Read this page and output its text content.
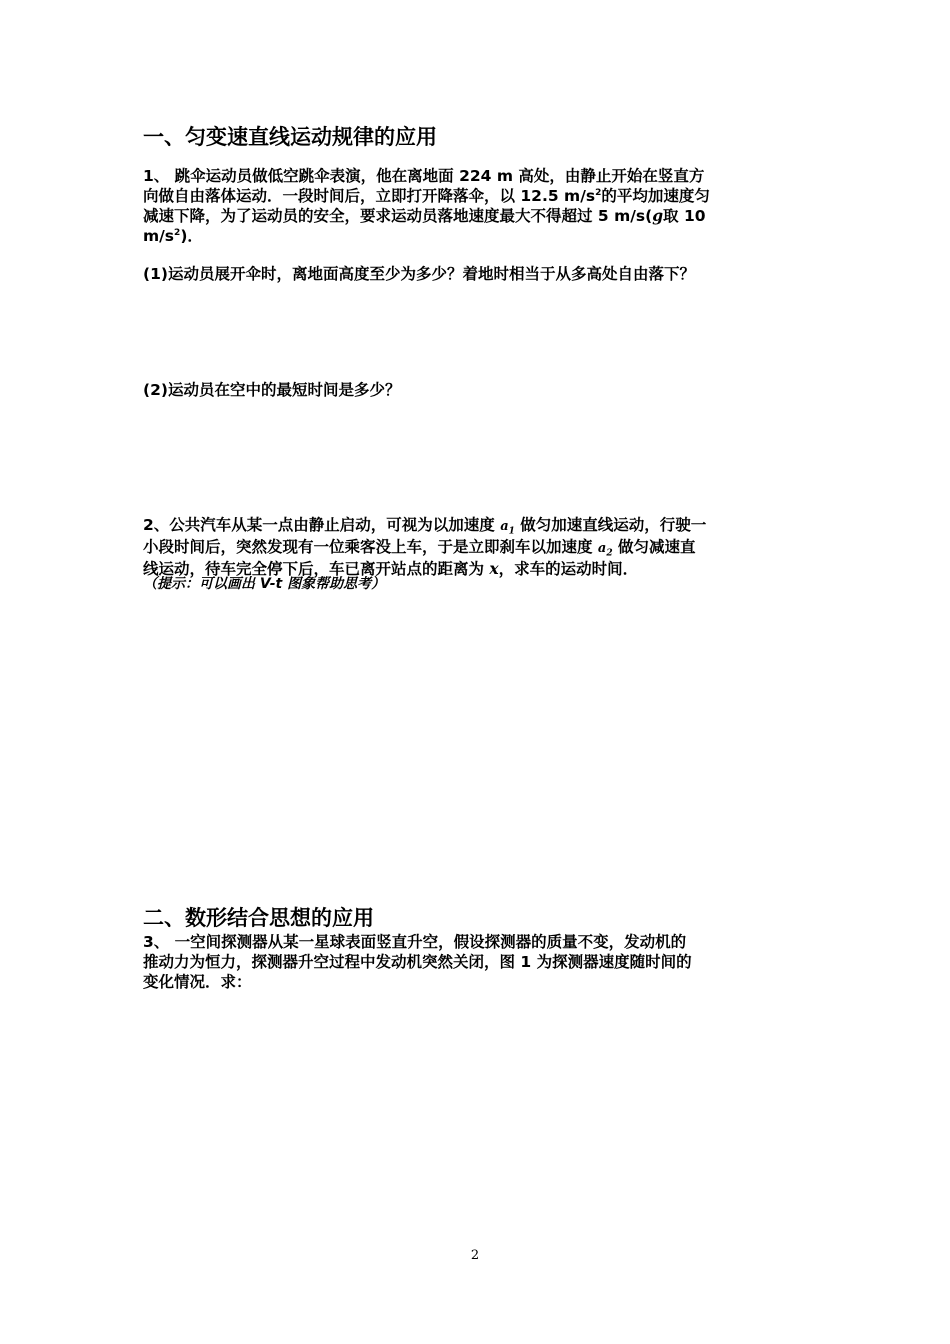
一、匀变速直线运动规律的应用
1、 跳伞运动员做低空跳伞表演，他在离地面 224 m 高处，由静止开始在竖直方
向做自由落体运动．一段时间后，立即打开降落伞，以 12.5 $m/s^2$的平均加速度匀
减速下降，为了运动员的安全，要求运动员落地速度最大不得超过 5 m/s(g取 10
$m/s^2$)．
(1)运动员展开伞时，离地面高度至少为多少？着地时相当于从多高处自由落下？
(2)运动员在空中的最短时间是多少？
2、公共汽车从某一点由静止启动，可视为以加速度 $a_1$ 做匀加速直线运动，行驶一
小段时间后，突然发现有一位乘客没上车，于是立即刹车以加速度 $a_2$ 做匀减速直
线运动，待车完全停下后，车已离开站点的距离为 x，求车的运动时间．
（提示：可以画出 V-t 图象帮助思考）
二、数形结合思想的应用
3、 一空间探测器从某一星球表面竖直升空，假设探测器的质量不变，发动机的
推动力为恒力，探测器升空过程中发动机突然关闭，图 1 为探测器速度随时间的
变化情况．求：
2
